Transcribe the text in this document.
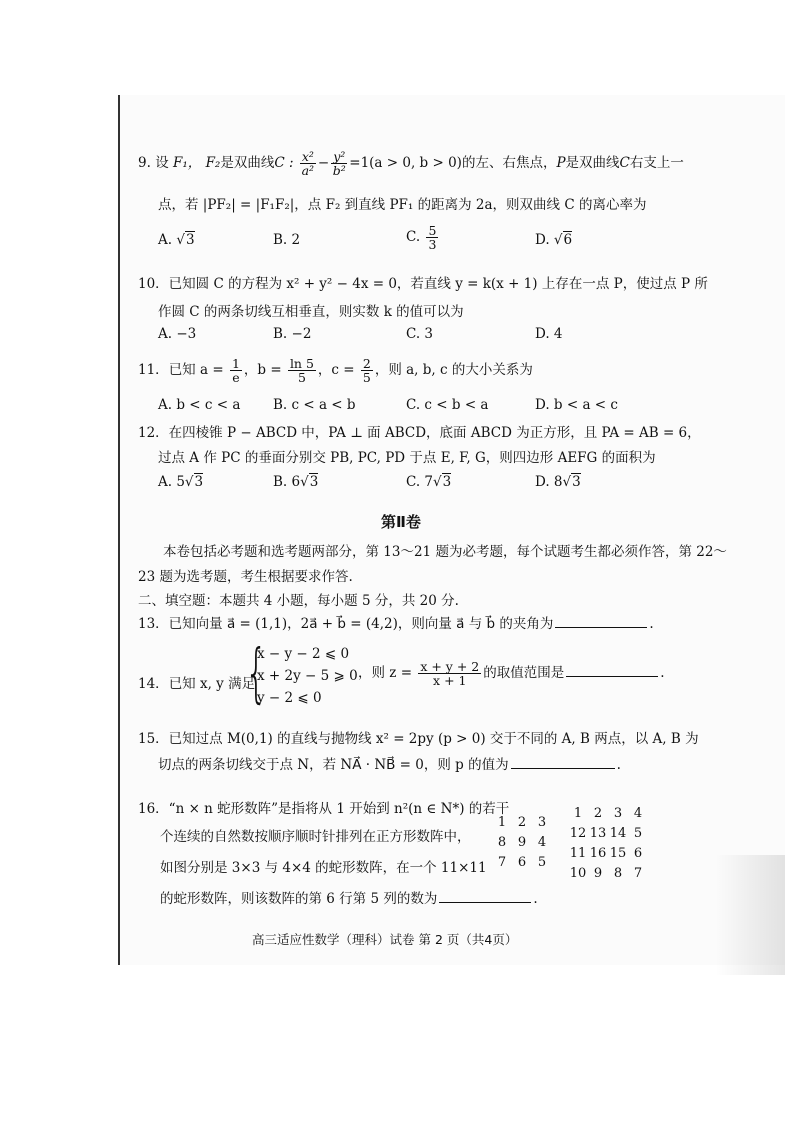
9. 设 F₁， F₂是双曲线C : $\frac{\text{x²}}{\text{a²}} - \frac{\text{y²}}{\text{b²}} =1(a > 0$, b > 0)的左、右焦点，P是双曲线C右支上一
点，若 |PF₂| = |F₁F₂|，点 F₂ 到直线 PF₁ 的距离为 2a，则双曲线 C 的离心率为
A. √3	B. 2	C. $\frac{5}{3}$	D. √6
10．已知圆 C 的方程为 x² + y² − 4x = 0，若直线 y = k(x + 1) 上存在一点 P，使过点 P 所
作圆 C 的两条切线互相垂直，则实数 k 的值可以为
A. −3	B. −2	C. 3	D. 4
11．已知 $a = \frac{1}{e}$ ，$b = \frac{\ln 5}{5}$ ，$c = \frac{2}{5}$ ，则 a, b, c 的大小关系为
A. b < c < a B. c < a < b	C. c < b < a	D. b < a < c
12．在四棱锥 P − ABCD 中，PA ⊥ 面 ABCD，底面 ABCD 为正方形，且 PA = AB = 6，
过点 A 作 PC 的垂面分别交 PB, PC, PD 于点 E, F, G，则四边形 AEFG 的面积为
A. 5√3	B. 6√3	C. 7√3	D. 8√3
第Ⅱ卷
本卷包括必考题和选考题两部分，第 13～21 题为必考题，每个试题考生都必须作答，第 22～
23 题为选考题，考生根据要求作答.
二、填空题：本题共 4 小题，每小题 5 分，共 20 分.
13．已知向量 a⃗ = (1,1)，2a⃗ + b⃗ = (4,2)，则向量 a⃗ 与 b⃗ 的夹角为	.
14．已知 x, y 满足
{
x − y − 2 ⩽ 0
x + 2y − 5 ⩾ 0
y − 2 ⩽ 0
，则 $z = \frac{x + y + 2}{x + 1}$ 的取值范围是	.
15．已知过点 M(0,1) 的直线与抛物线 x² = 2py (p > 0) 交于不同的 A, B 两点，以 A, B 为
切点的两条切线交于点 N，若 NA⃗ · NB⃗ = 0，则 p 的值为	.
16．“n × n 蛇形数阵”是指将从 1 开始到 n²(n ∈ N*) 的若干
个连续的自然数按顺序顺时针排列在正方形数阵中，
如图分别是 3×3 与 4×4 的蛇形数阵，在一个 11×11
的蛇形数阵，则该数阵的第 6 行第 5 列的数为	.
1 2 3
8 9 4
7 6 5
1 2 3 4
12 13 14 5
11 16 15 6
10 9 8 7
高三适应性数学（理科）试卷 第 2 页（共4页）
